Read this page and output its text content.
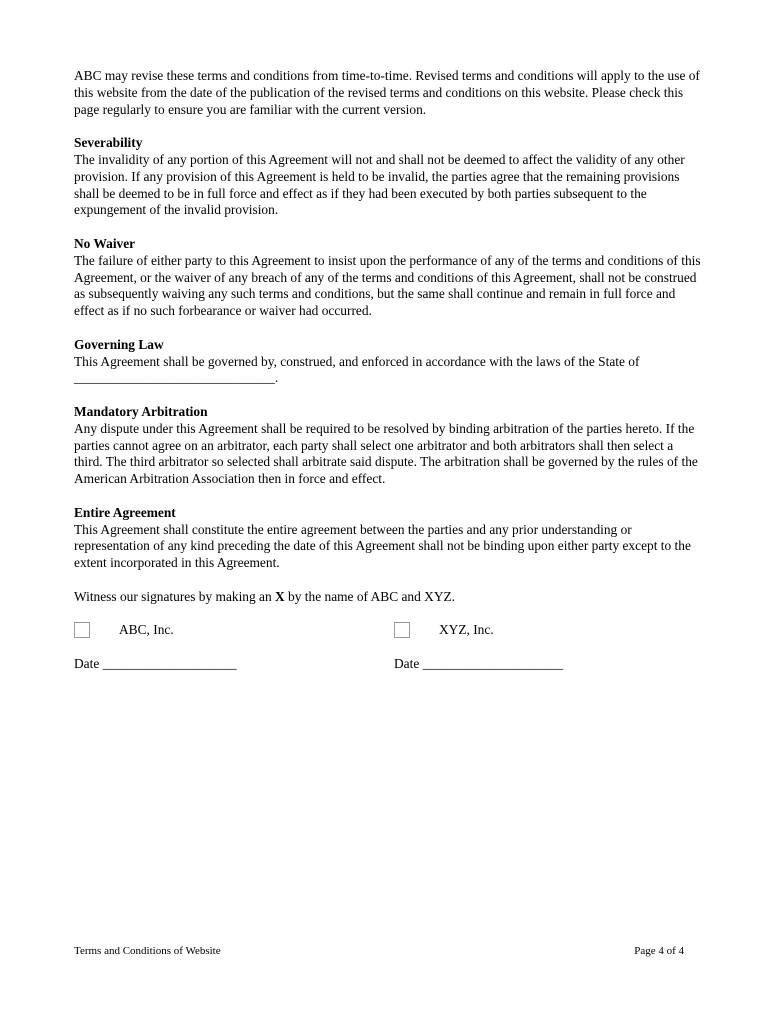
ABC may revise these terms and conditions from time-to-time. Revised terms and conditions will apply to the use of this website from the date of the publication of the revised terms and conditions on this website. Please check this page regularly to ensure you are familiar with the current version.

Severability

The invalidity of any portion of this Agreement will not and shall not be deemed to affect the validity of any other provision. If any provision of this Agreement is held to be invalid, the parties agree that the remaining provisions shall be deemed to be in full force and effect as if they had been executed by both parties subsequent to the expungement of the invalid provision.

No Waiver

The failure of either party to this Agreement to insist upon the performance of any of the terms and conditions of this Agreement, or the waiver of any breach of any of the terms and conditions of this Agreement, shall not be construed as subsequently waiving any such terms and conditions, but the same shall continue and remain in full force and effect as if no such forbearance or waiver had occurred.

Governing Law

This Agreement shall be governed by, construed, and enforced in accordance with the laws of the State of ______________________________.

Mandatory Arbitration

Any dispute under this Agreement shall be required to be resolved by binding arbitration of the parties hereto. If the parties cannot agree on an arbitrator, each party shall select one arbitrator and both arbitrators shall then select a third. The third arbitrator so selected shall arbitrate said dispute. The arbitration shall be governed by the rules of the American Arbitration Association then in force and effect.

Entire Agreement

This Agreement shall constitute the entire agreement between the parties and any prior understanding or representation of any kind preceding the date of this Agreement shall not be binding upon either party except to the extent incorporated in this Agreement.

Witness our signatures by making an X by the name of ABC and XYZ.

ABC, Inc.	XYZ, Inc.
Date ____________________	Date _____________________
Terms and Conditions of Website	Page 4 of 4
